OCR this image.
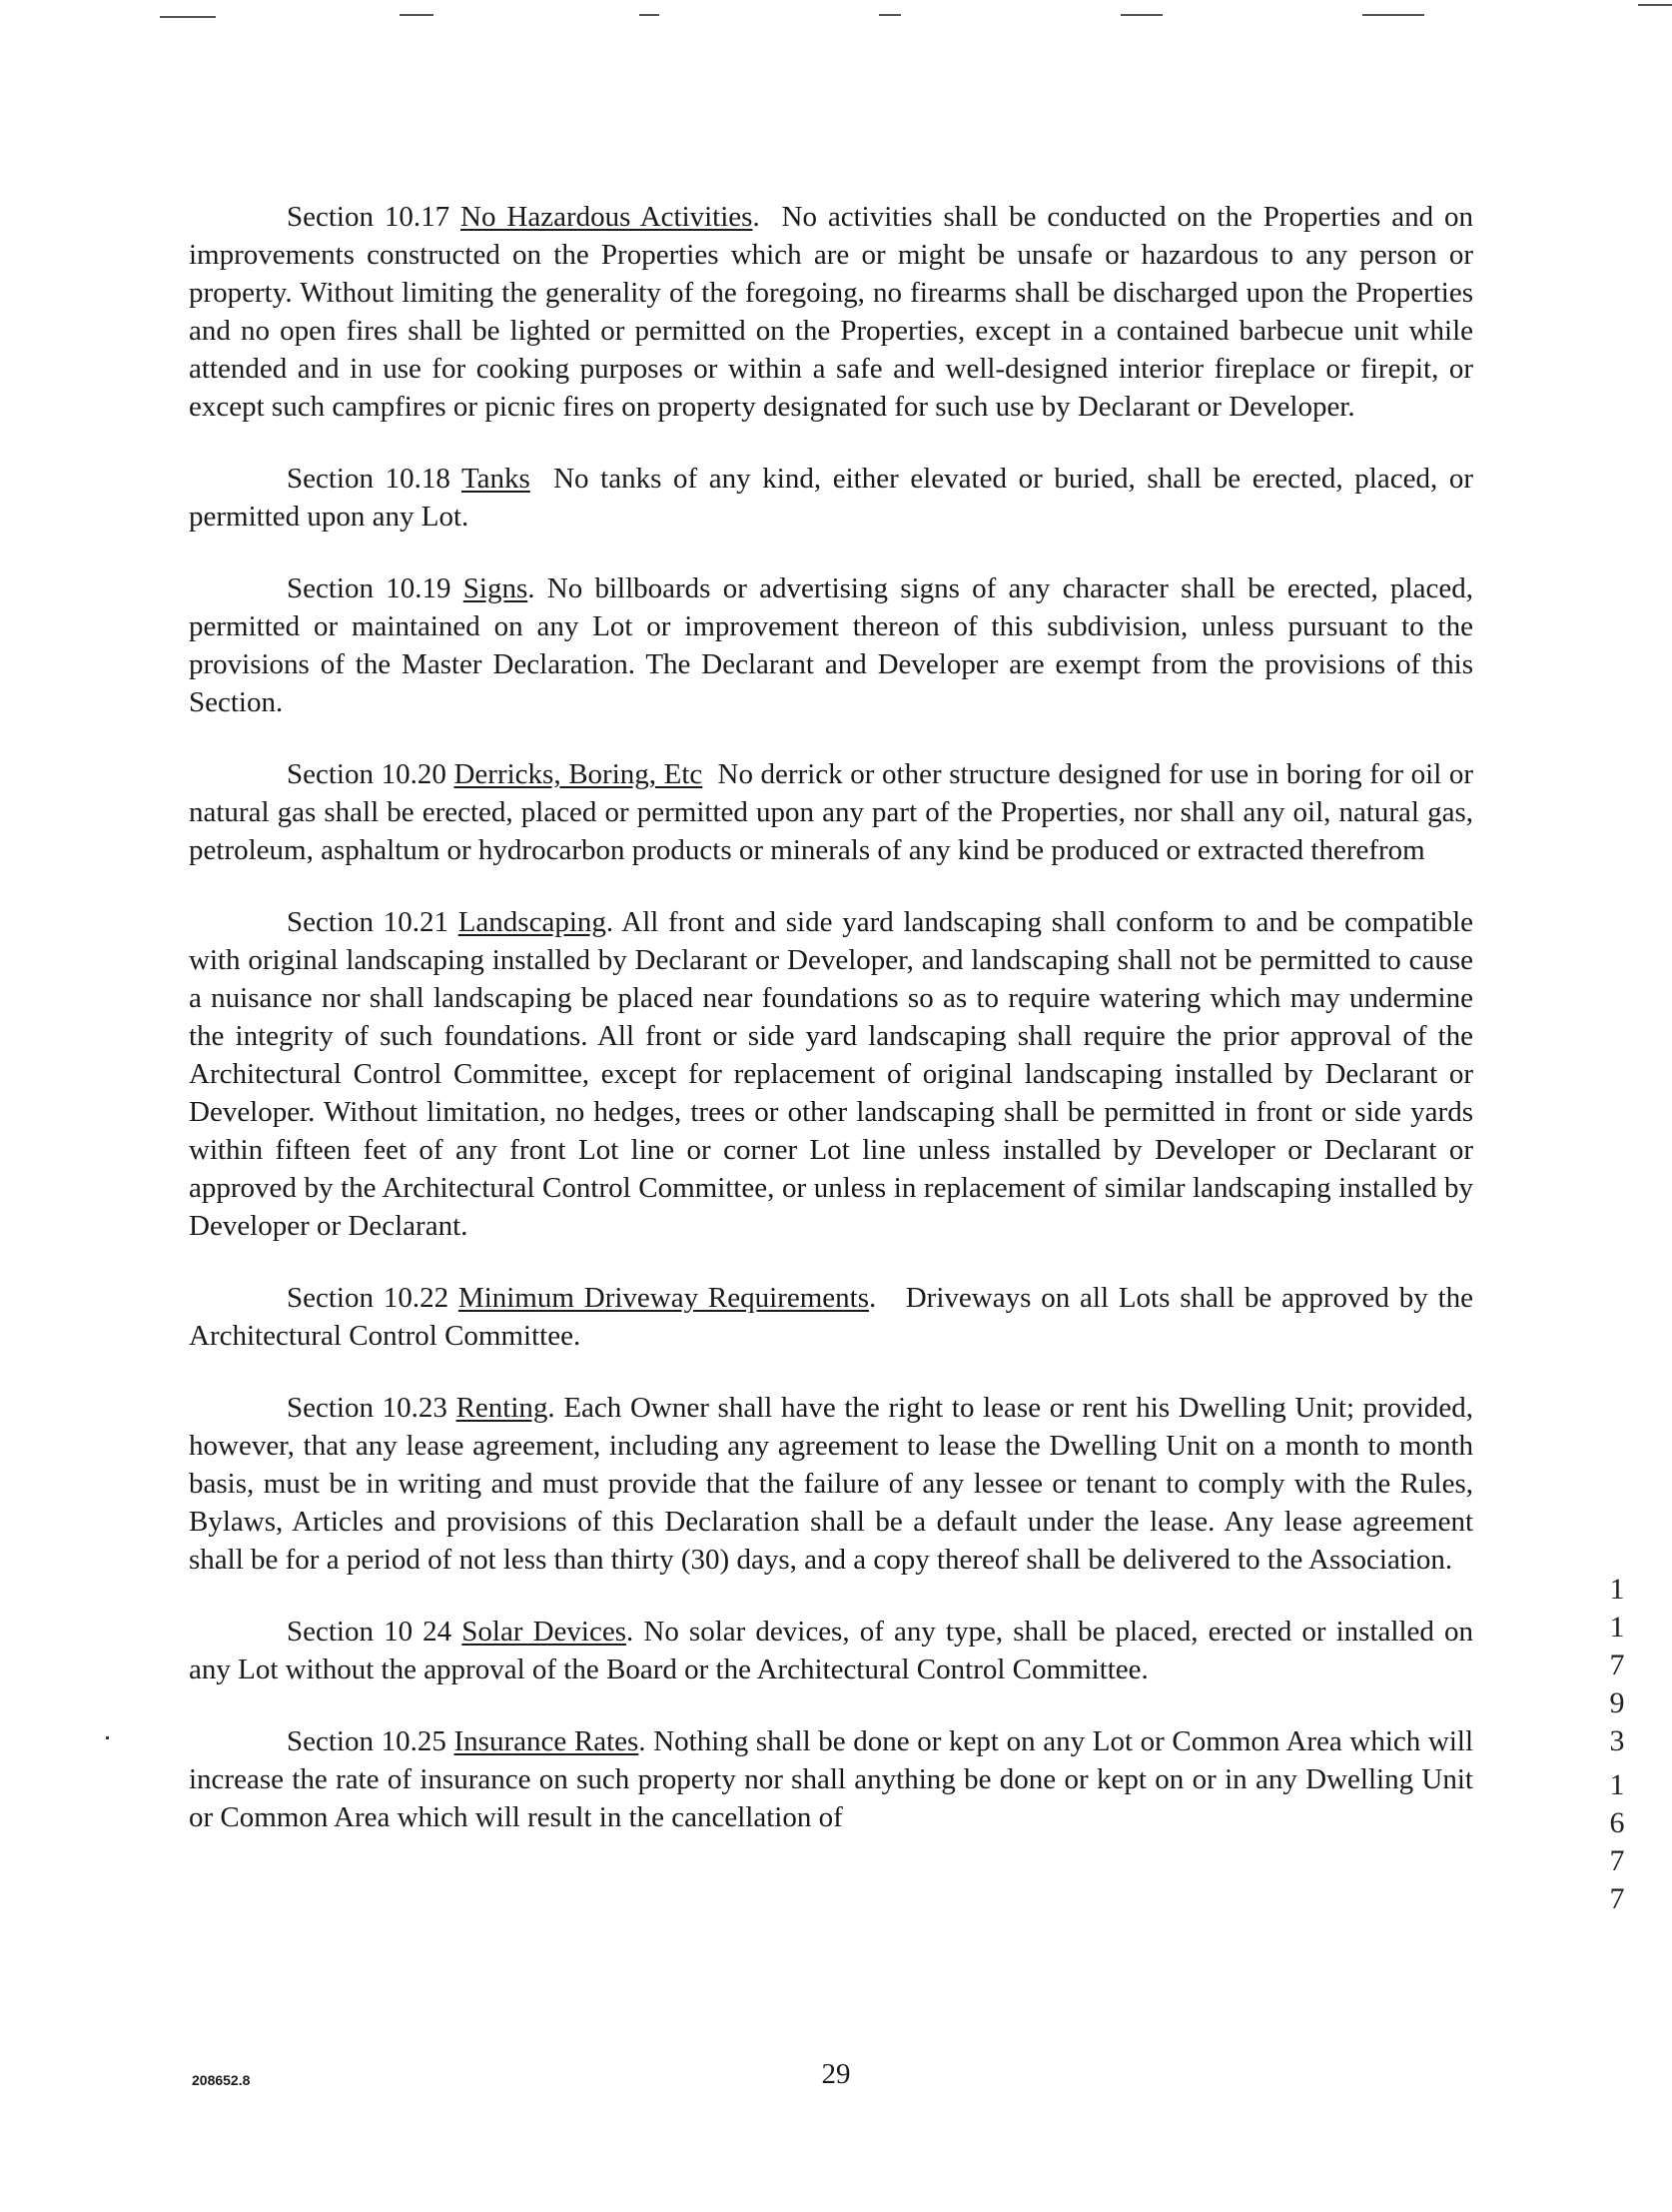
Section 10.17 No Hazardous Activities. No activities shall be conducted on the Properties and on improvements constructed on the Properties which are or might be unsafe or hazardous to any person or property. Without limiting the generality of the foregoing, no firearms shall be discharged upon the Properties and no open fires shall be lighted or permitted on the Properties, except in a contained barbecue unit while attended and in use for cooking purposes or within a safe and well-designed interior fireplace or firepit, or except such campfires or picnic fires on property designated for such use by Declarant or Developer.

Section 10.18 Tanks No tanks of any kind, either elevated or buried, shall be erected, placed, or permitted upon any Lot.

Section 10.19 Signs. No billboards or advertising signs of any character shall be erected, placed, permitted or maintained on any Lot or improvement thereon of this subdivision, unless pursuant to the provisions of the Master Declaration. The Declarant and Developer are exempt from the provisions of this Section.

Section 10.20 Derricks, Boring, Etc No derrick or other structure designed for use in boring for oil or natural gas shall be erected, placed or permitted upon any part of the Properties, nor shall any oil, natural gas, petroleum, asphaltum or hydrocarbon products or minerals of any kind be produced or extracted therefrom

Section 10.21 Landscaping. All front and side yard landscaping shall conform to and be compatible with original landscaping installed by Declarant or Developer, and landscaping shall not be permitted to cause a nuisance nor shall landscaping be placed near foundations so as to require watering which may undermine the integrity of such foundations. All front or side yard landscaping shall require the prior approval of the Architectural Control Committee, except for replacement of original landscaping installed by Declarant or Developer. Without limitation, no hedges, trees or other landscaping shall be permitted in front or side yards within fifteen feet of any front Lot line or corner Lot line unless installed by Developer or Declarant or approved by the Architectural Control Committee, or unless in replacement of similar landscaping installed by Developer or Declarant.

Section 10.22 Minimum Driveway Requirements. Driveways on all Lots shall be approved by the Architectural Control Committee.

Section 10.23 Renting. Each Owner shall have the right to lease or rent his Dwelling Unit; provided, however, that any lease agreement, including any agreement to lease the Dwelling Unit on a month to month basis, must be in writing and must provide that the failure of any lessee or tenant to comply with the Rules, Bylaws, Articles and provisions of this Declaration shall be a default under the lease. Any lease agreement shall be for a period of not less than thirty (30) days, and a copy thereof shall be delivered to the Association.

Section 10 24 Solar Devices. No solar devices, of any type, shall be placed, erected or installed on any Lot without the approval of the Board or the Architectural Control Committee.

Section 10.25 Insurance Rates. Nothing shall be done or kept on any Lot or Common Area which will increase the rate of insurance on such property nor shall anything be done or kept on or in any Dwelling Unit or Common Area which will result in the cancellation of

1
1
7
9
3
1
6
7
7
29
208652.8
